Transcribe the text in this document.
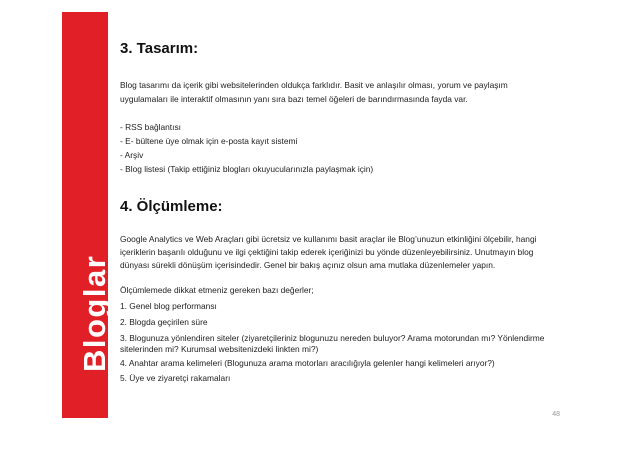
Bloglar
3. Tasarım:
Blog tasarımı da içerik gibi websitelerinden oldukça farklıdır. Basit ve anlaşılır olması, yorum ve paylaşım
uygulamaları ile interaktif olmasının yanı sıra bazı temel öğeleri de barındırmasında fayda var.
- RSS bağlantısı
- E- bültene üye olmak için e-posta kayıt sistemi
- Arşiv
- Blog listesi (Takip ettiğiniz blogları okuyucularınızla paylaşmak için)
4. Ölçümleme:
Google Analytics ve Web Araçları gibi ücretsiz ve kullanımı basit araçlar ile Blog’unuzun etkinliğini ölçebilir, hangi
içeriklerin başarılı olduğunu ve ilgi çektiğini takip ederek içeriğinizi bu yönde düzenleyebilirsiniz. Unutmayın blog
dünyası sürekli dönüşüm içerisindedir. Genel bir bakış açınız olsun ama mutlaka düzenlemeler yapın.
Ölçümlemede dikkat etmeniz gereken bazı değerler;
1. Genel blog performansı
2. Blogda geçirilen süre
3. Blogunuza yönlendiren siteler (ziyaretçileriniz blogunuzu nereden buluyor? Arama motorundan mı? Yönlendirme
sitelerinden mi? Kurumsal websitenizdeki linkten mi?)
4. Anahtar arama kelimeleri (Blogunuza arama motorları aracılığıyla gelenler hangi kelimeleri arıyor?)
5. Üye ve ziyaretçi rakamaları
48
